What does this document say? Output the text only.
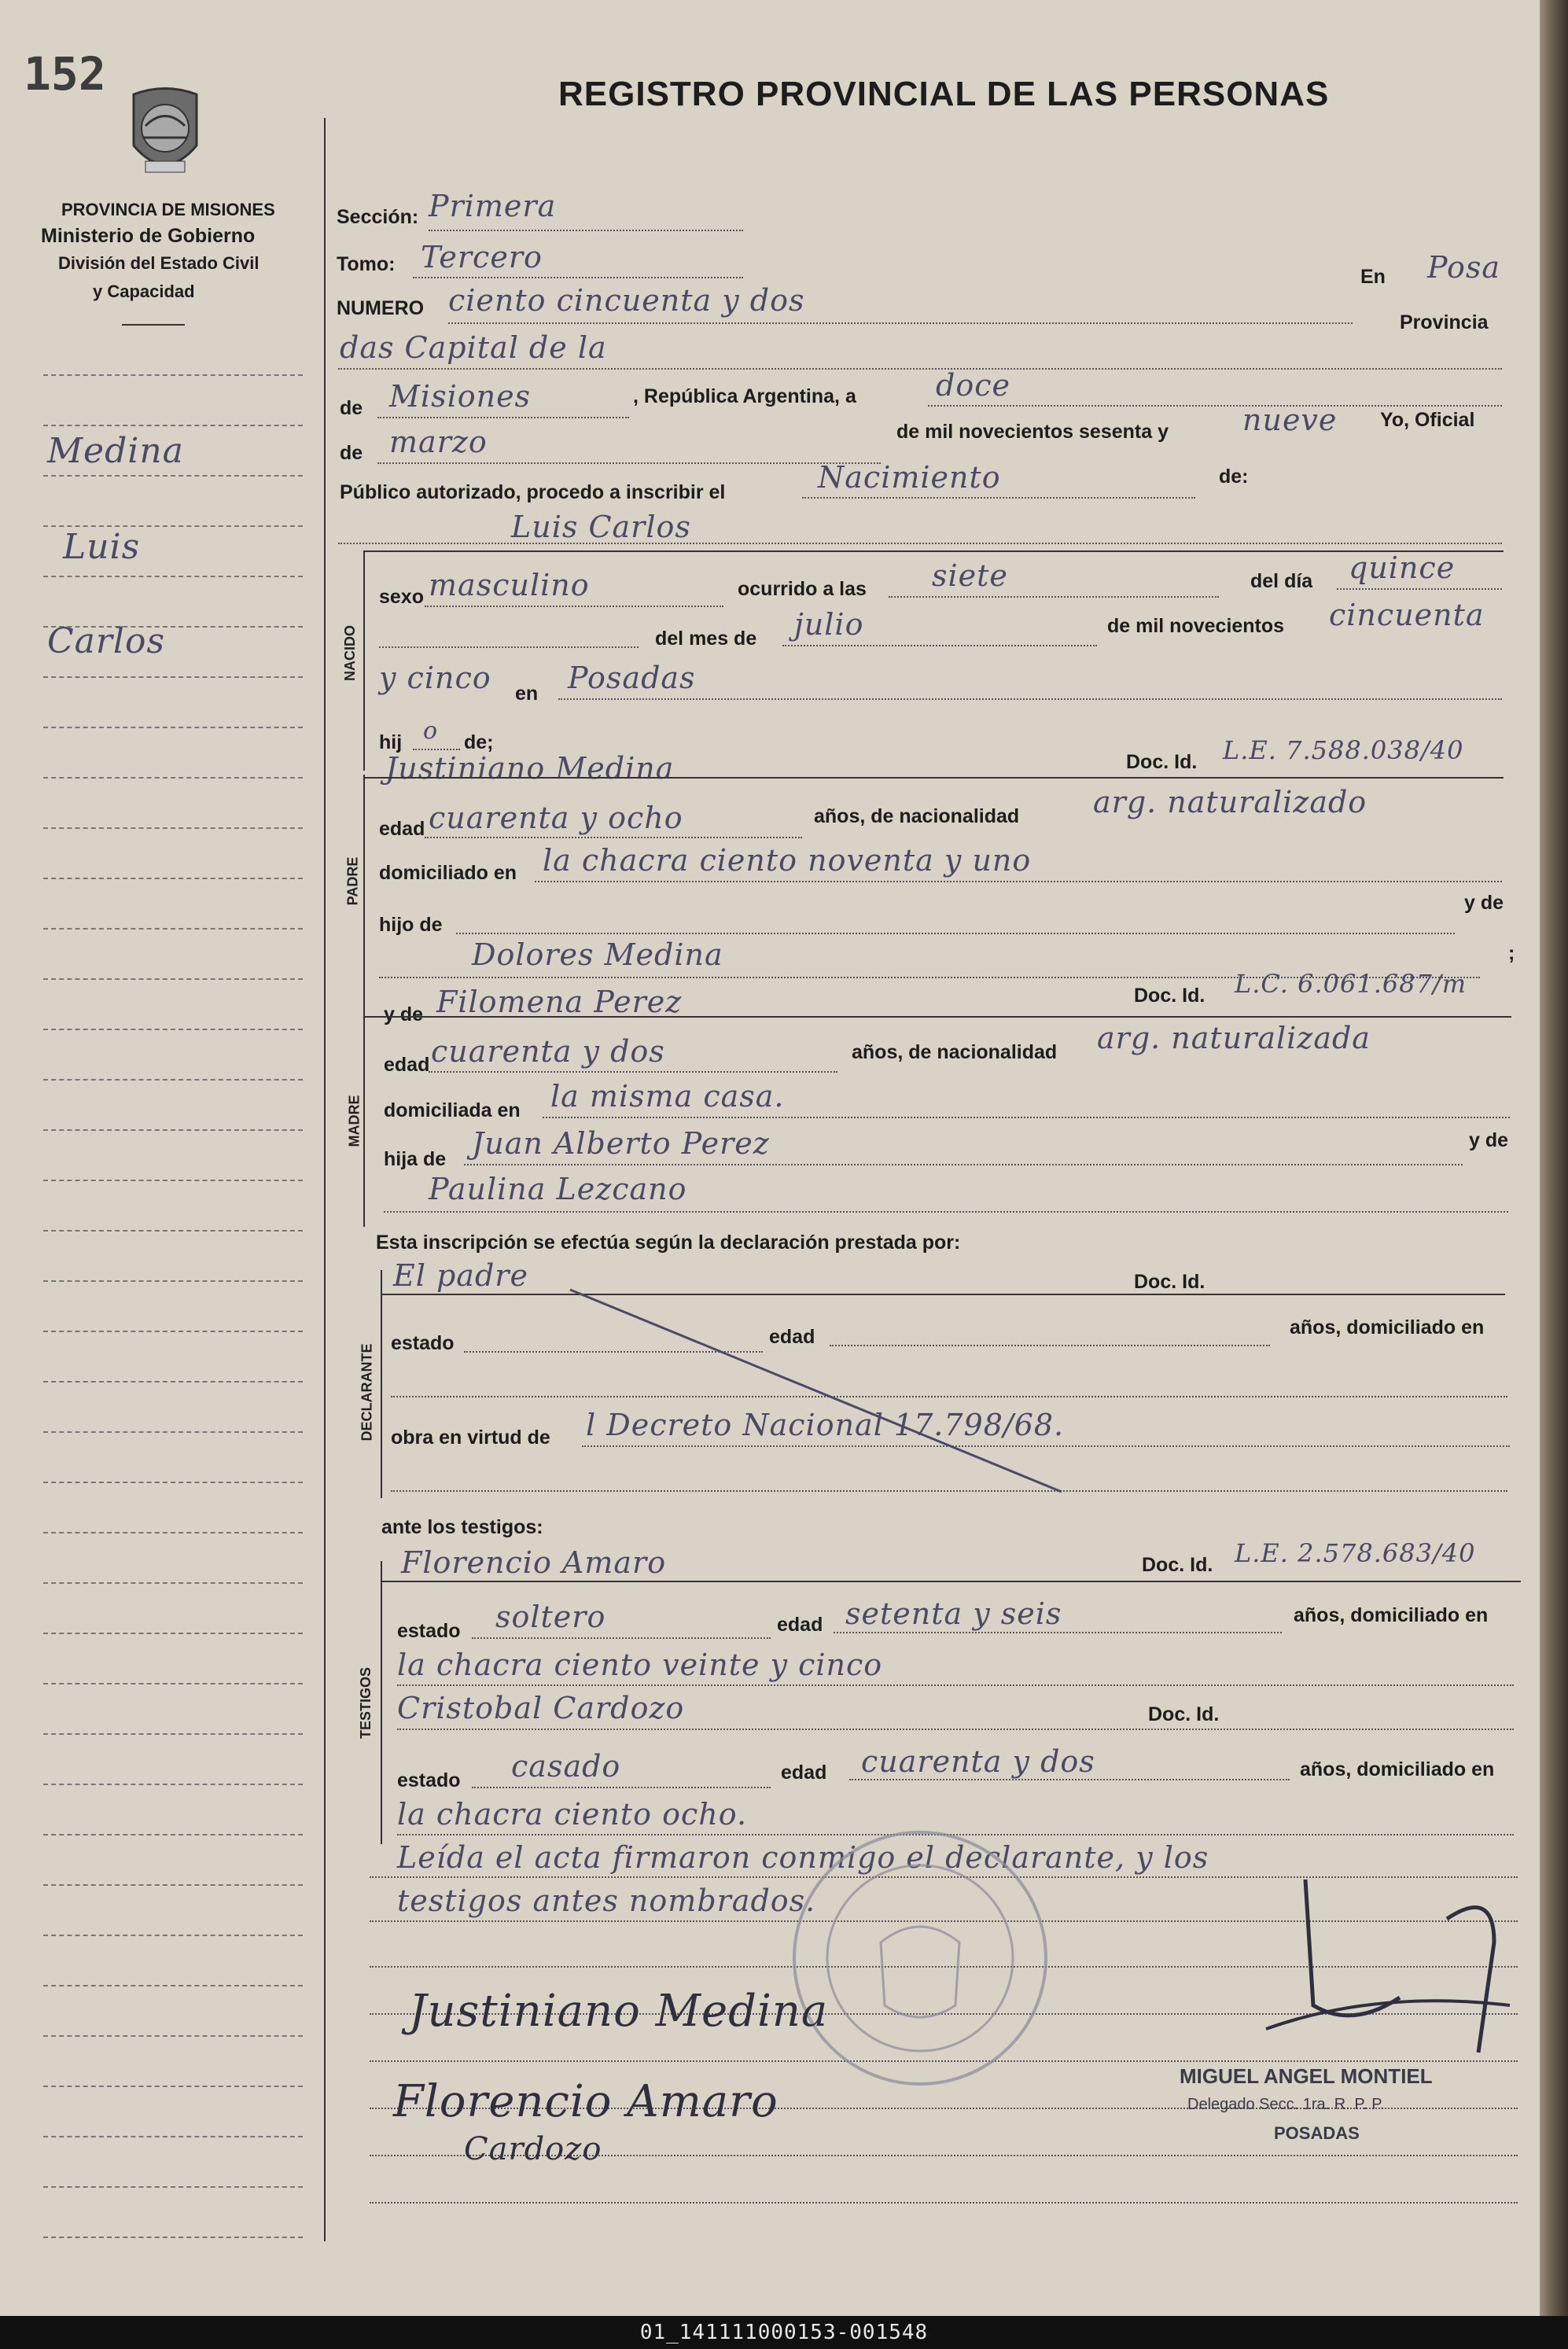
152	REGISTRO PROVINCIAL DE LAS PERSONAS
PROVINCIA DE MISIONES
Ministerio de Gobierno
División del Estado Civil
y Capacidad
Medina
Luis
Carlos
Sección: Primera
Tomo: Tercero
NUMERO ciento cincuenta y dos
En Posa
Provincia
das Capital de la
de Misiones	, República Argentina, a	doce
de marzo	de mil novecientos sesenta y nueve Yo, Oficial
Público autorizado, procedo a inscribir el	Nacimiento	de:
Luis Carlos
NACIDO
sexo masculino	ocurrido a las siete	del día quince
del mes de julio	de mil novecientos cincuenta
y cinco en Posadas
hij o de;
PADRE
Justiniano Medina	Doc. Id. L.E. 7.588.038/40
edad cuarenta y ocho	años, de nacionalidad arg. naturalizado
domiciliado en la chacra ciento noventa y uno
hijo de
y de
Dolores Medina	;
MADRE
y de Filomena Perez	Doc. Id. L.C. 6.061.687/m
edad cuarenta y dos	años, de nacionalidad arg. naturalizada
domiciliada en la misma casa.
hija de Juan Alberto Perez	y de
Paulina Lezcano
Esta inscripción se efectúa según la declaración prestada por:
DECLARANTE
El padre	Doc. Id.
estado	edad	años, domiciliado en
obra en virtud de l Decreto Nacional 17.798/68.
ante los testigos:
TESTIGOS
Florencio Amaro	Doc. Id. L.E. 2.578.683/40
estado soltero	edad setenta y seis	años, domiciliado en
la chacra ciento veinte y cinco
Cristobal Cardozo	Doc. Id.
estado casado	edad cuarenta y dos	años, domiciliado en
la chacra ciento ocho.
Leída el acta firmaron conmigo el declarante, y los
testigos antes nombrados.
Justiniano Medina
Florencio Amaro
Cardozo
MIGUEL ANGEL MONTIEL
Delegado Secc. 1ra. R. P. P.
POSADAS
01_141111000153-001548
